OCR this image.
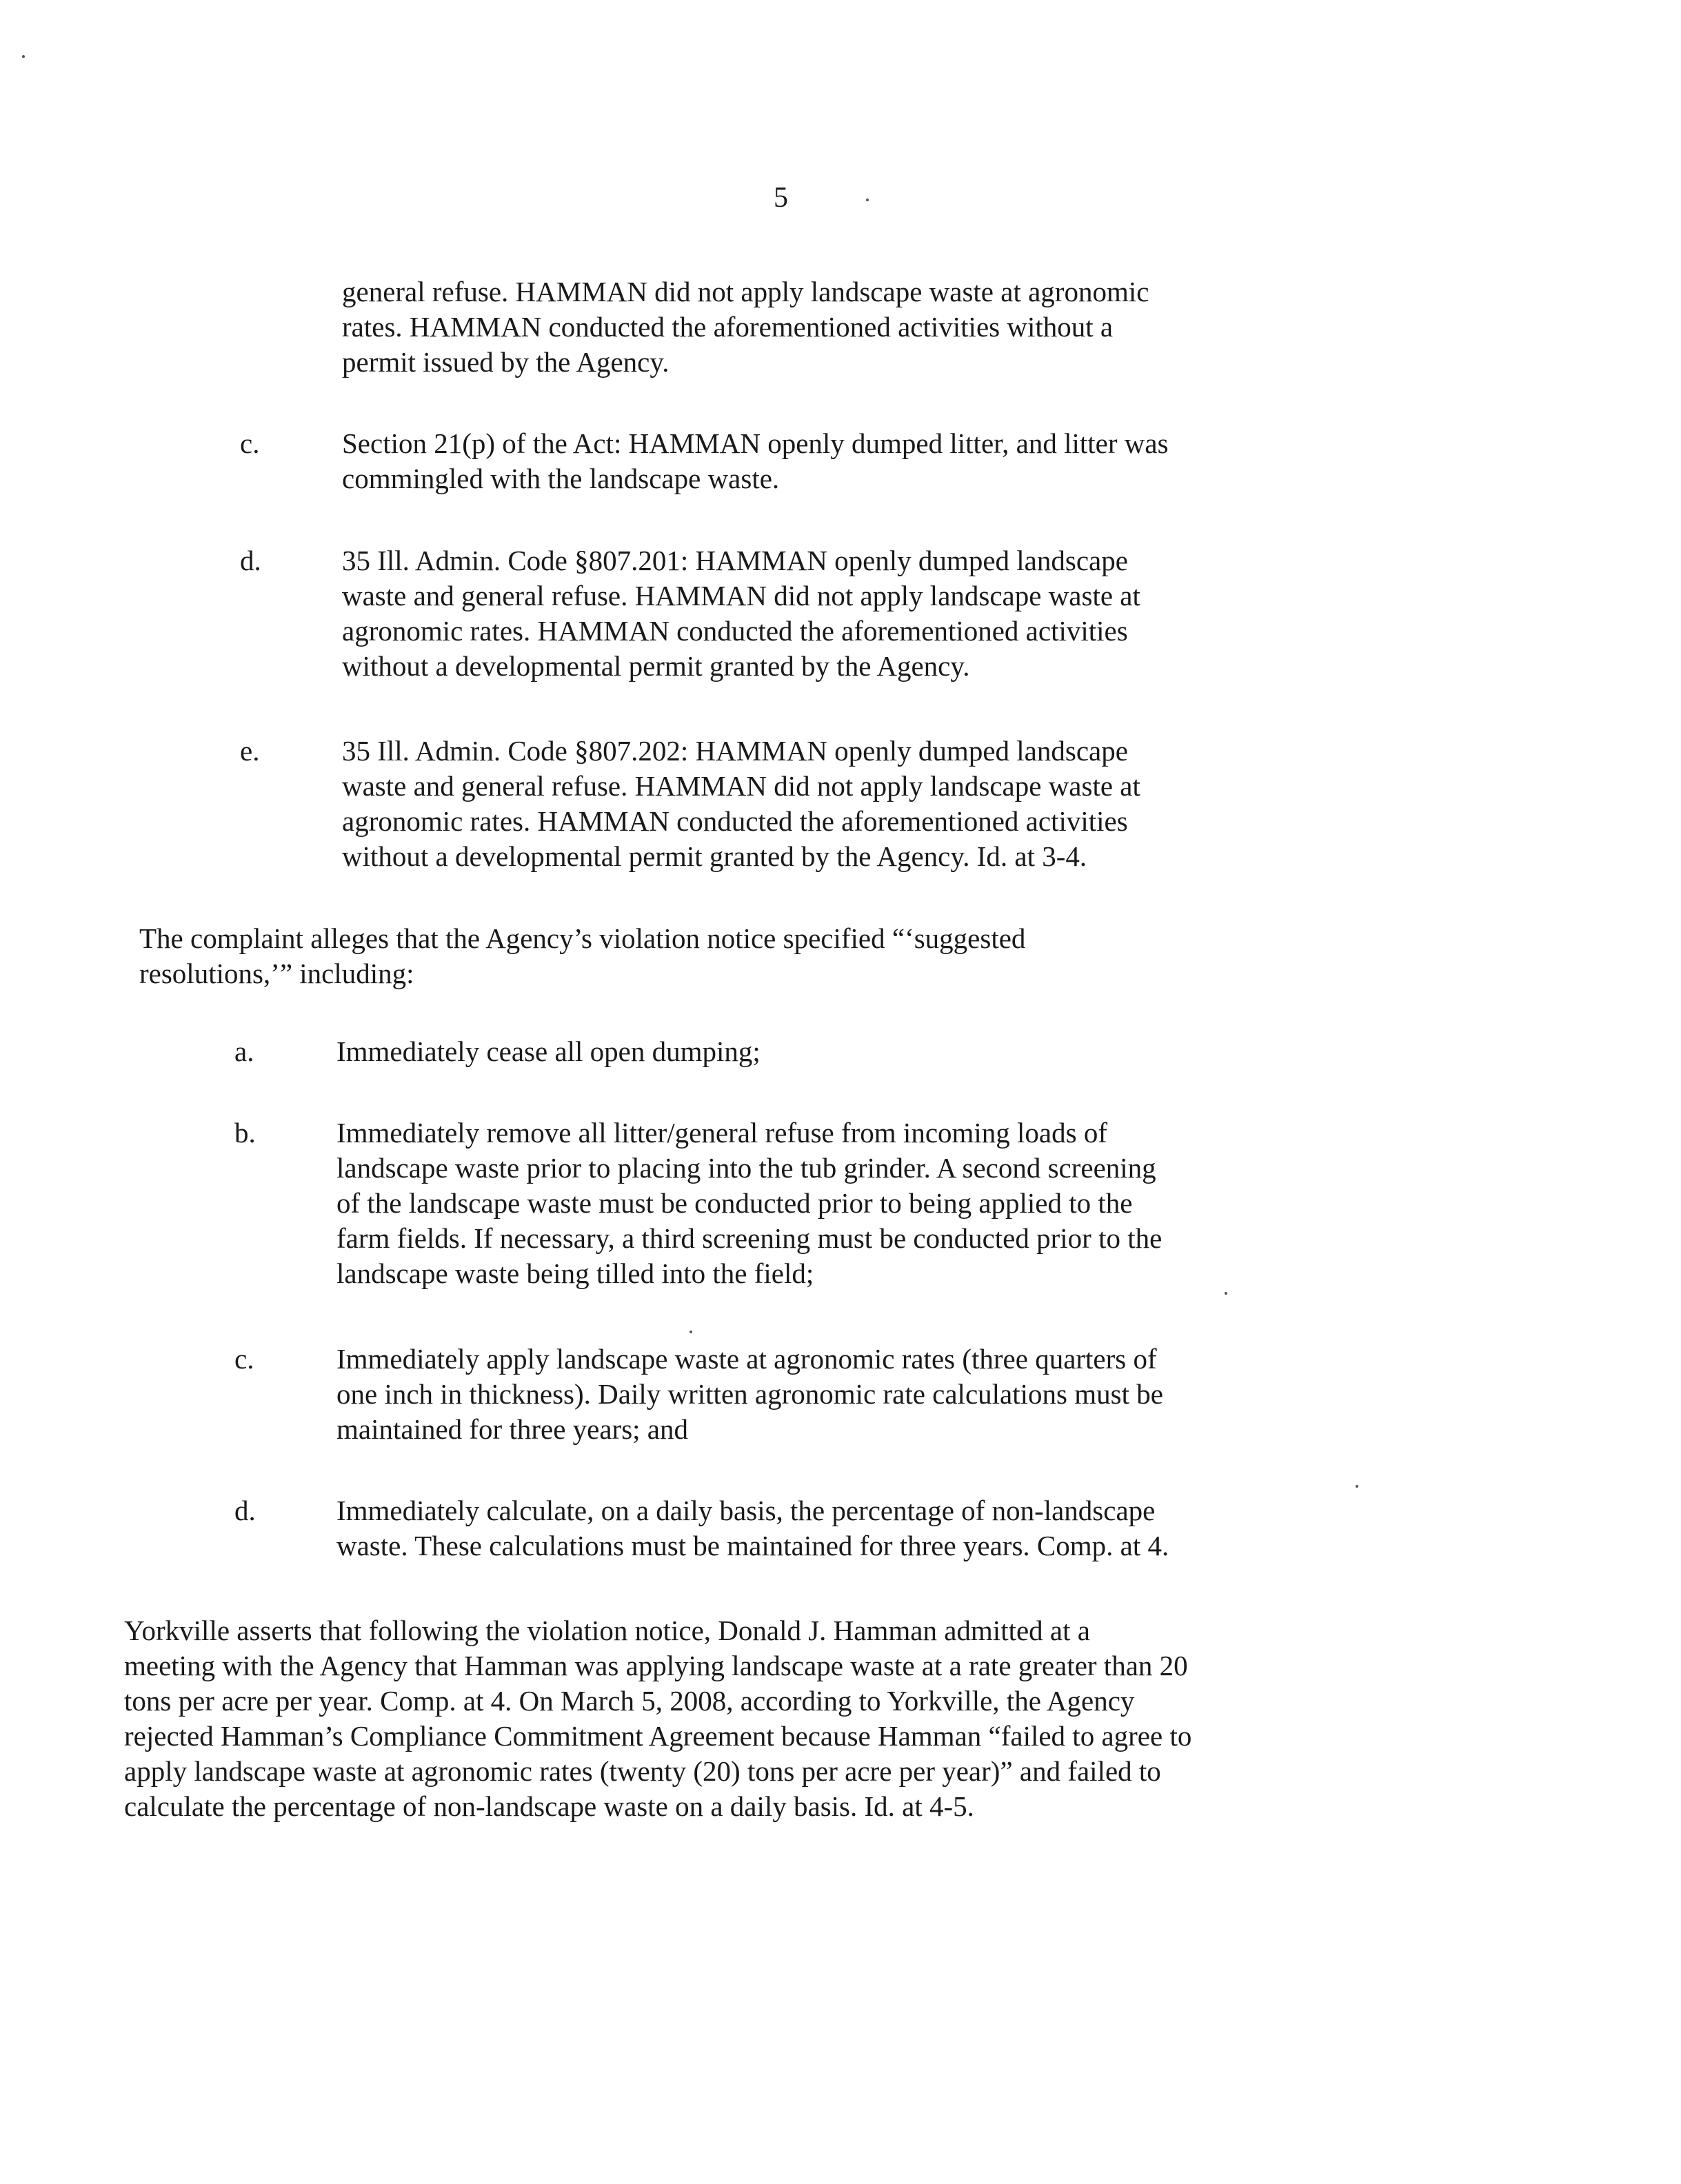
5
general refuse. HAMMAN did not apply landscape waste at agronomic
rates. HAMMAN conducted the aforementioned activities without a
permit issued by the Agency.
c.	Section 21(p) of the Act: HAMMAN openly dumped litter, and litter was
commingled with the landscape waste.
d.	35 Ill. Admin. Code §807.201: HAMMAN openly dumped landscape
waste and general refuse. HAMMAN did not apply landscape waste at
agronomic rates. HAMMAN conducted the aforementioned activities
without a developmental permit granted by the Agency.
e.	35 Ill. Admin. Code §807.202: HAMMAN openly dumped landscape
waste and general refuse. HAMMAN did not apply landscape waste at
agronomic rates. HAMMAN conducted the aforementioned activities
without a developmental permit granted by the Agency. Id. at 3-4.
The complaint alleges that the Agency’s violation notice specified “‘suggested
resolutions,’” including:
a.	Immediately cease all open dumping;
b.	Immediately remove all litter/general refuse from incoming loads of
landscape waste prior to placing into the tub grinder. A second screening
of the landscape waste must be conducted prior to being applied to the
farm fields. If necessary, a third screening must be conducted prior to the
landscape waste being tilled into the field;
c.	Immediately apply landscape waste at agronomic rates (three quarters of
one inch in thickness). Daily written agronomic rate calculations must be
maintained for three years; and
d.	Immediately calculate, on a daily basis, the percentage of non-landscape
waste. These calculations must be maintained for three years. Comp. at 4.
Yorkville asserts that following the violation notice, Donald J. Hamman admitted at a
meeting with the Agency that Hamman was applying landscape waste at a rate greater than 20
tons per acre per year. Comp. at 4. On March 5, 2008, according to Yorkville, the Agency
rejected Hamman’s Compliance Commitment Agreement because Hamman “failed to agree to
apply landscape waste at agronomic rates (twenty (20) tons per acre per year)” and failed to
calculate the percentage of non-landscape waste on a daily basis. Id. at 4-5.
